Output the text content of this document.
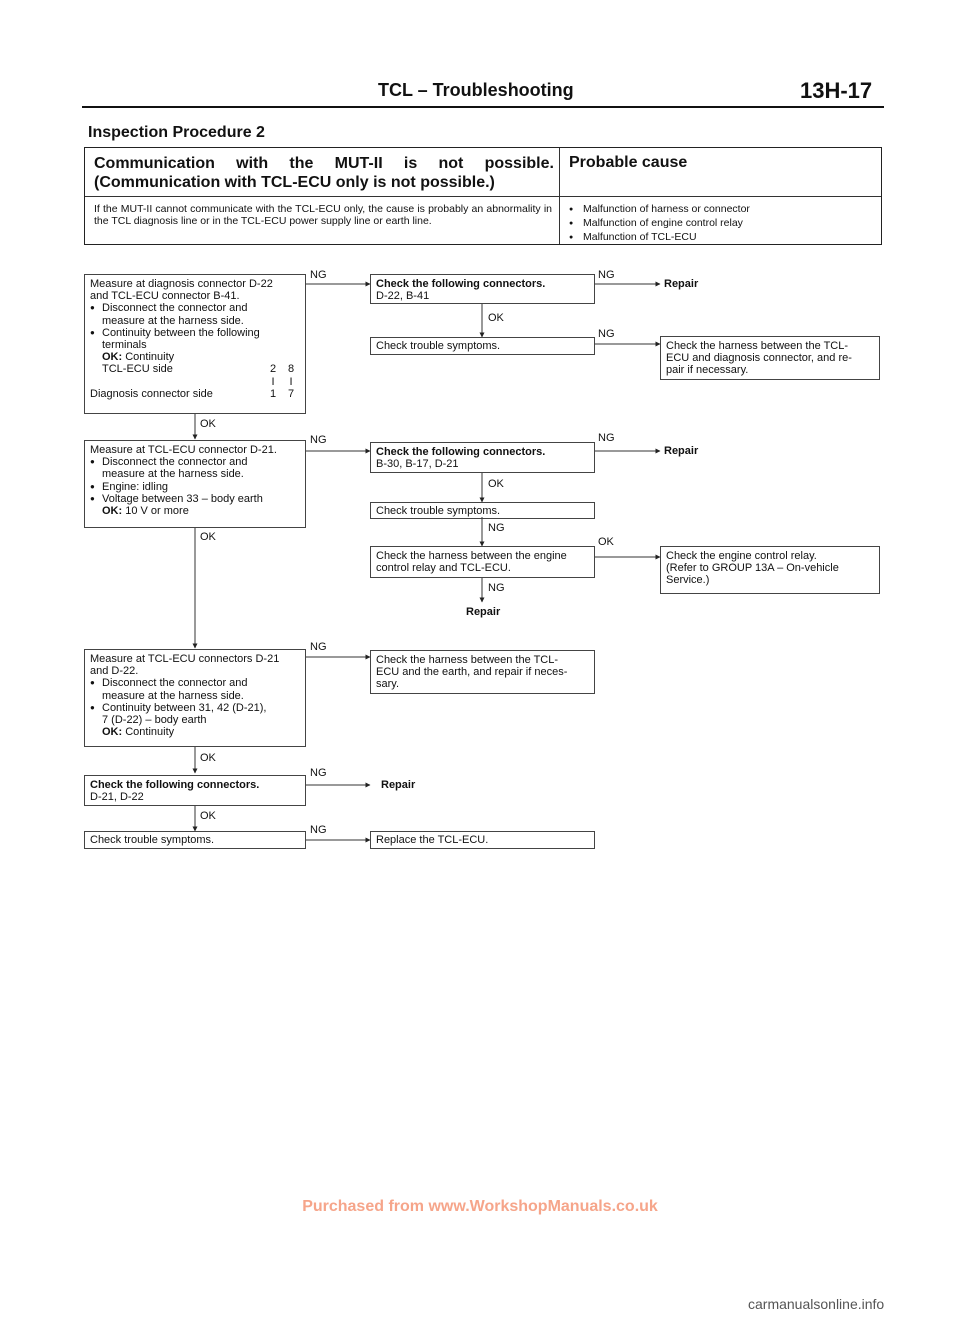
TCL – Troubleshooting	13H-17
Inspection Procedure 2
Communication with the MUT-II is not possible.
(Communication with TCL-ECU only is not possible.)
Probable cause
If the MUT-II cannot communicate with the TCL-ECU only, the cause is probably an abnormality in the TCL diagnosis line or in the TCL-ECU power supply line or earth line.
● Malfunction of harness or connector
● Malfunction of engine control relay
● Malfunction of TCL-ECU
Measure at diagnosis connector D-22
and TCL-ECU connector B-41.
● Disconnect the connector and
measure at the harness side.
● Continuity between the following
terminals
OK: Continuity
TCL-ECU side	2	8
I	I
Diagnosis connector side	1	7
NG
Check the following connectors.
D-22, B-41
NG
Repair
OK
Check trouble symptoms.
NG
Check the harness between the TCL-
ECU and diagnosis connector, and re-
pair if necessary.
OK
Measure at TCL-ECU connector D-21.
● Disconnect the connector and
measure at the harness side.
● Engine: idling
● Voltage between 33 – body earth
OK: 10 V or more
NG
Check the following connectors.
B-30, B-17, D-21
NG
Repair
OK
Check trouble symptoms.
NG
OK
Check the harness between the engine
control relay and TCL-ECU.
OK
Check the engine control relay.
(Refer to GROUP 13A – On-vehicle
Service.)
NG
Repair
Measure at TCL-ECU connectors D-21
and D-22.
● Disconnect the connector and
measure at the harness side.
● Continuity between 31, 42 (D-21),
7 (D-22) – body earth
OK: Continuity
NG
Check the harness between the TCL-
ECU and the earth, and repair if neces-
sary.
OK
Check the following connectors.
D-21, D-22
NG
Repair
OK
Check trouble symptoms.
NG
Replace the TCL-ECU.
Purchased from www.WorkshopManuals.co.uk
carmanualsonline.info
